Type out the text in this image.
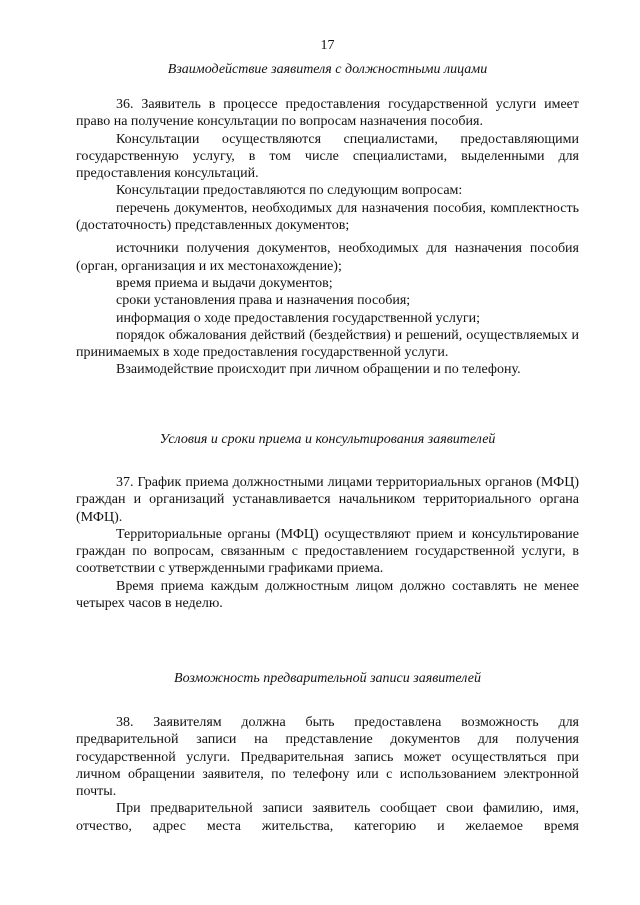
17
Взаимодействие заявителя с должностными лицами

36. Заявитель в процессе предоставления государственной услуги имеет право на получение консультации по вопросам назначения пособия.

Консультации осуществляются специалистами, предоставляющими государственную услугу, в том числе специалистами, выделенными для предоставления консультаций.

Консультации предоставляются по следующим вопросам:

перечень документов, необходимых для назначения пособия, комплектность (достаточность) представленных документов;

источники получения документов, необходимых для назначения пособия (орган, организация и их местонахождение);

время приема и выдачи документов;

сроки установления права и назначения пособия;

информация о ходе предоставления государственной услуги;

порядок обжалования действий (бездействия) и решений, осуществляемых и принимаемых в ходе предоставления государственной услуги.

Взаимодействие происходит при личном обращении и по телефону.

Условия и сроки приема и консультирования заявителей

37. График приема должностными лицами территориальных органов (МФЦ) граждан и организаций устанавливается начальником территориального органа (МФЦ).

Территориальные органы (МФЦ) осуществляют прием и консультирование граждан по вопросам, связанным с предоставлением государственной услуги, в соответствии с утвержденными графиками приема.

Время приема каждым должностным лицом должно составлять не менее четырех часов в неделю.

Возможность предварительной записи заявителей

38. Заявителям должна быть предоставлена возможность для предварительной записи на представление документов для получения государственной услуги. Предварительная запись может осуществляться при личном обращении заявителя, по телефону или с использованием электронной почты.

При предварительной записи заявитель сообщает свои фамилию, имя, отчество, адрес места жительства, категорию и желаемое время
